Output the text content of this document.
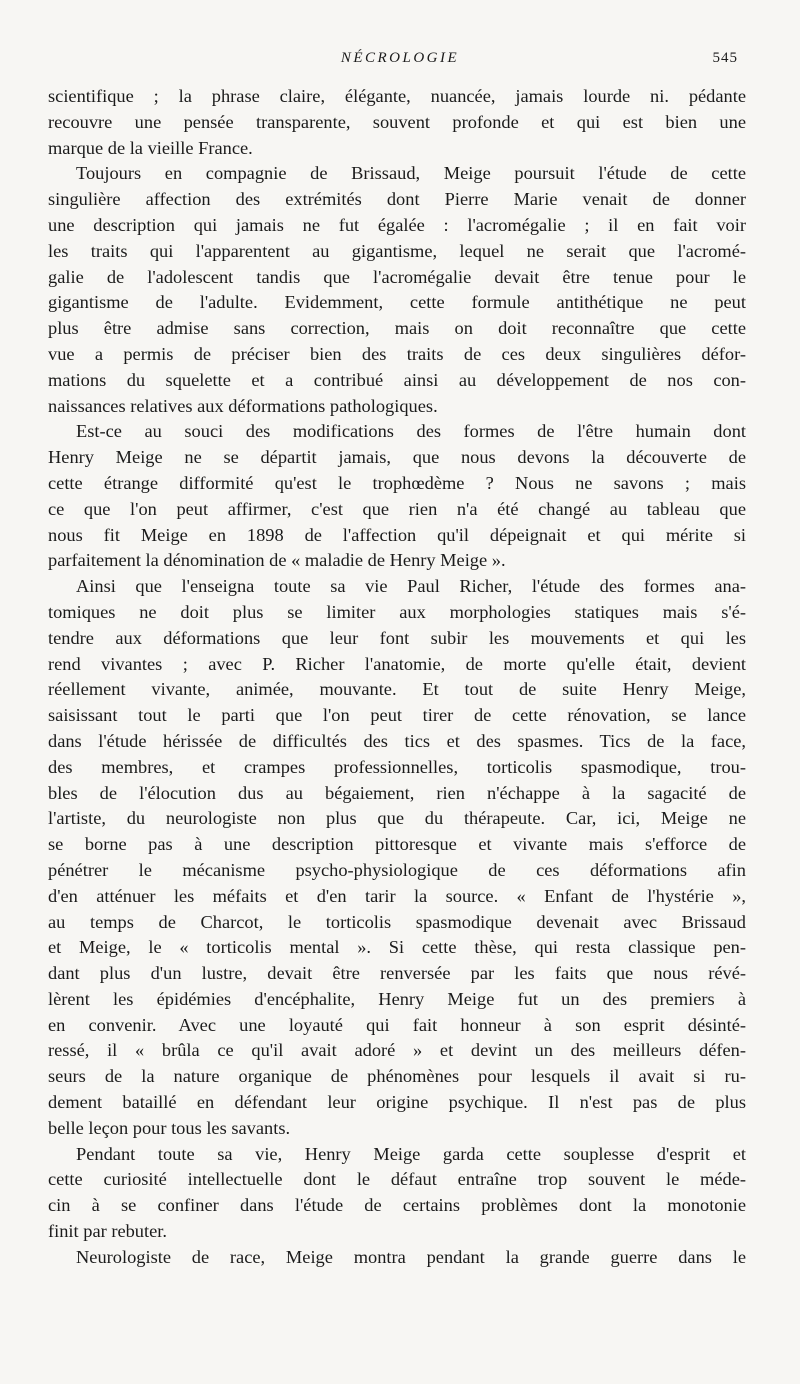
NÉCROLOGIE	545
scientifique ; la phrase claire, élégante, nuancée, jamais lourde ni. pédante
recouvre une pensée transparente, souvent profonde et qui est bien une
marque de la vieille France.
Toujours en compagnie de Brissaud, Meige poursuit l'étude de cette
singulière affection des extrémités dont Pierre Marie venait de donner
une description qui jamais ne fut égalée : l'acromégalie ; il en fait voir
les traits qui l'apparentent au gigantisme, lequel ne serait que l'acromé-
galie de l'adolescent tandis que l'acromégalie devait être tenue pour le
gigantisme de l'adulte. Evidemment, cette formule antithétique ne peut
plus être admise sans correction, mais on doit reconnaître que cette
vue a permis de préciser bien des traits de ces deux singulières défor-
mations du squelette et a contribué ainsi au développement de nos con-
naissances relatives aux déformations pathologiques.
Est-ce au souci des modifications des formes de l'être humain dont
Henry Meige ne se départit jamais, que nous devons la découverte de
cette étrange difformité qu'est le trophœdème ? Nous ne savons ; mais
ce que l'on peut affirmer, c'est que rien n'a été changé au tableau que
nous fit Meige en 1898 de l'affection qu'il dépeignait et qui mérite si
parfaitement la dénomination de « maladie de Henry Meige ».
Ainsi que l'enseigna toute sa vie Paul Richer, l'étude des formes ana-
tomiques ne doit plus se limiter aux morphologies statiques mais s'é-
tendre aux déformations que leur font subir les mouvements et qui les
rend vivantes ; avec P. Richer l'anatomie, de morte qu'elle était, devient
réellement vivante, animée, mouvante. Et tout de suite Henry Meige,
saisissant tout le parti que l'on peut tirer de cette rénovation, se lance
dans l'étude hérissée de difficultés des tics et des spasmes. Tics de la face,
des membres, et crampes professionnelles, torticolis spasmodique, trou-
bles de l'élocution dus au bégaiement, rien n'échappe à la sagacité de
l'artiste, du neurologiste non plus que du thérapeute. Car, ici, Meige ne
se borne pas à une description pittoresque et vivante mais s'efforce de
pénétrer le mécanisme psycho-physiologique de ces déformations afin
d'en atténuer les méfaits et d'en tarir la source. « Enfant de l'hystérie »,
au temps de Charcot, le torticolis spasmodique devenait avec Brissaud
et Meige, le « torticolis mental ». Si cette thèse, qui resta classique pen-
dant plus d'un lustre, devait être renversée par les faits que nous révé-
lèrent les épidémies d'encéphalite, Henry Meige fut un des premiers à
en convenir. Avec une loyauté qui fait honneur à son esprit désinté-
ressé, il « brûla ce qu'il avait adoré » et devint un des meilleurs défen-
seurs de la nature organique de phénomènes pour lesquels il avait si ru-
dement bataillé en défendant leur origine psychique. Il n'est pas de plus
belle leçon pour tous les savants.
Pendant toute sa vie, Henry Meige garda cette souplesse d'esprit et
cette curiosité intellectuelle dont le défaut entraîne trop souvent le méde-
cin à se confiner dans l'étude de certains problèmes dont la monotonie
finit par rebuter.
Neurologiste de race, Meige montra pendant la grande guerre dans le
